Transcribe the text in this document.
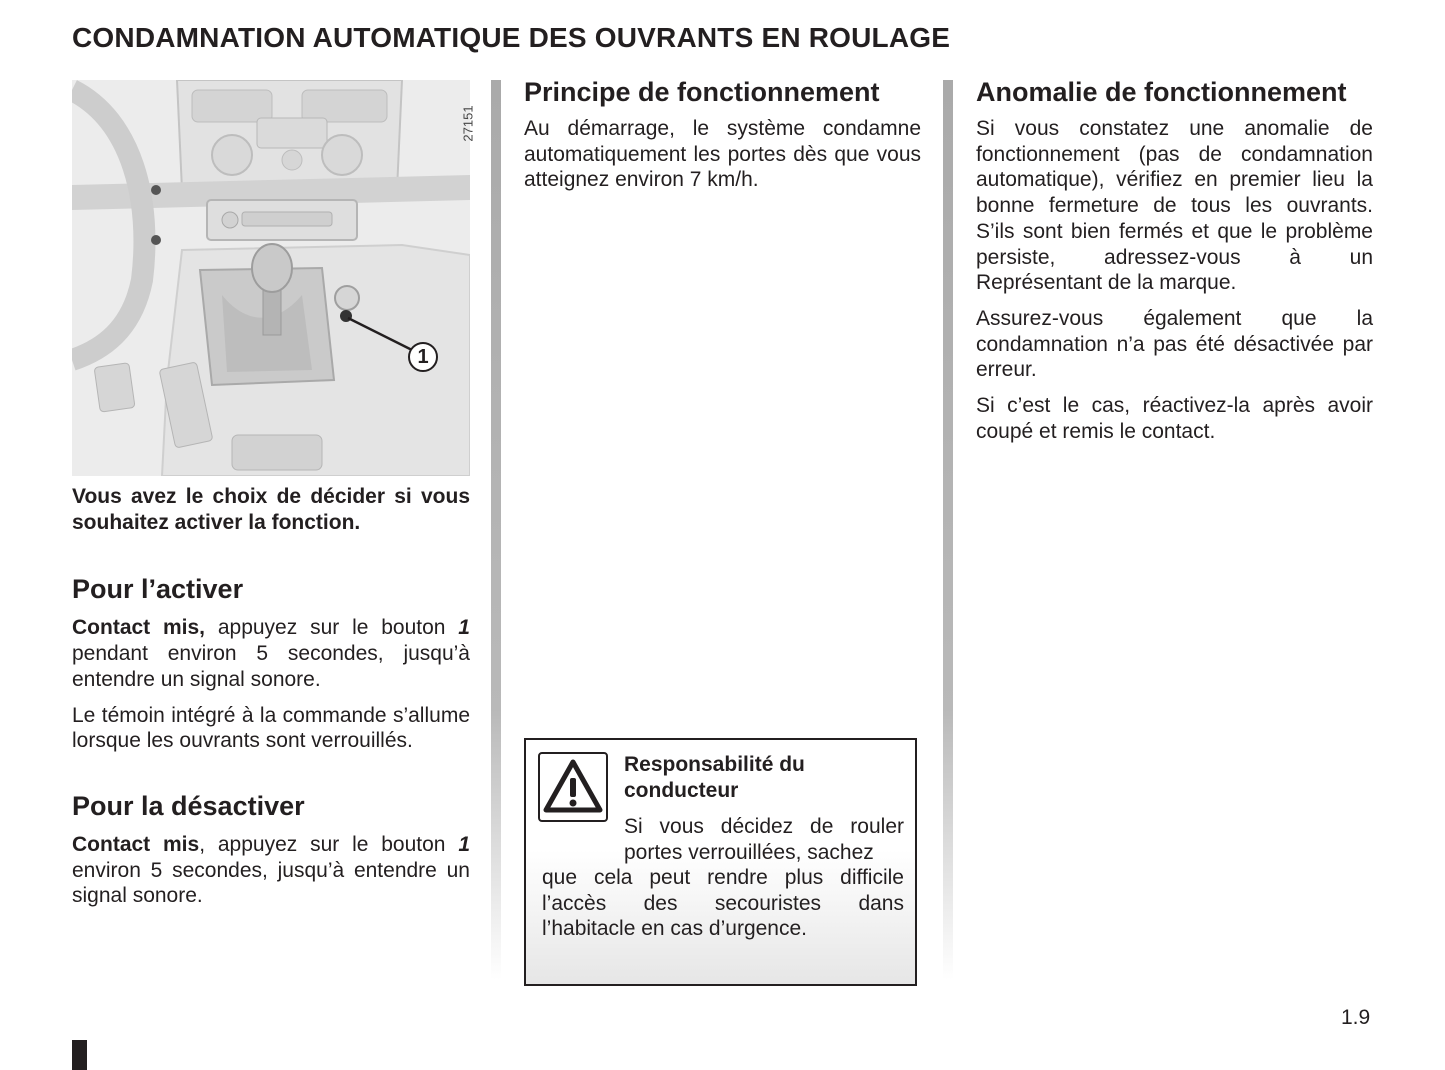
CONDAMNATION AUTOMATIQUE DES OUVRANTS EN ROULAGE
1
27151

Vous avez le choix de décider si vous souhaitez activer la fonction.

Pour l’activer

Contact mis, appuyez sur le bouton 1 pendant environ 5 secondes, jusqu’à entendre un signal sonore.

Le témoin intégré à la commande s’allume lorsque les ouvrants sont verrouillés.

Pour la désactiver

Contact mis, appuyez sur le bouton 1 environ 5 secondes, jusqu’à entendre un signal sonore.

Principe de fonctionnement

Au démarrage, le système condamne automatiquement les portes dès que vous atteignez environ 7 km/h.

Responsabilité du conducteur
Si vous décidez de rouler portes verrouillées, sachez
que cela peut rendre plus difficile l’accès des secouristes dans l’habitacle en cas d’urgence.
Anomalie de fonctionnement

Si vous constatez une anomalie de fonctionnement (pas de condamnation automatique), vérifiez en premier lieu la bonne fermeture de tous les ouvrants. S’ils sont bien fermés et que le problème persiste, adressez-vous à un Représentant de la marque.

Assurez-vous également que la condamnation n’a pas été désactivée par erreur.

Si c’est le cas, réactivez-la après avoir coupé et remis le contact.

1.9
